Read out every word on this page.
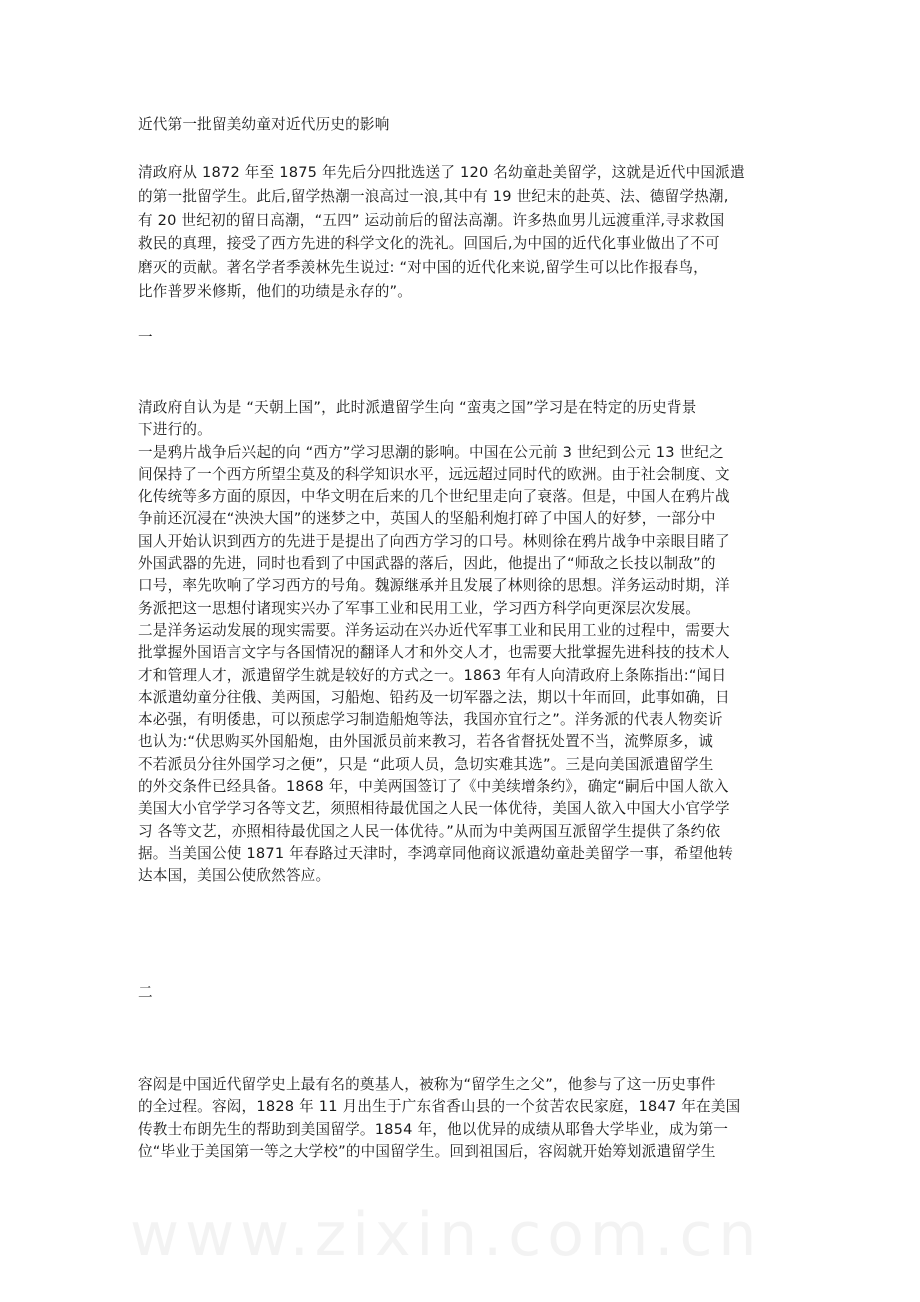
www.zixin.com.cn
近代第一批留美幼童对近代历史的影响
清政府从 1872 年至 1875 年先后分四批选送了 120 名幼童赴美留学，这就是近代中国派遣
的第一批留学生。此后,留学热潮一浪高过一浪,其中有 19 世纪末的赴英、法、德留学热潮,
有 20 世纪初的留日高潮，“五四” 运动前后的留法高潮。许多热血男儿远渡重洋,寻求救国
救民的真理，接受了西方先进的科学文化的洗礼。回国后,为中国的近代化事业做出了不可
磨灭的贡献。著名学者季羡林先生说过: “对中国的近代化来说,留学生可以比作报春鸟，
比作普罗米修斯，他们的功绩是永存的”。
一
清政府自认为是 “天朝上国”，此时派遣留学生向 “蛮夷之国”学习是在特定的历史背景
下进行的。
一是鸦片战争后兴起的向 “西方”学习思潮的影响。中国在公元前 3 世纪到公元 13 世纪之
间保持了一个西方所望尘莫及的科学知识水平，远远超过同时代的欧洲。由于社会制度、文
化传统等多方面的原因，中华文明在后来的几个世纪里走向了衰落。但是，中国人在鸦片战
争前还沉浸在“泱泱大国”的迷梦之中，英国人的坚船利炮打碎了中国人的好梦，一部分中
国人开始认识到西方的先进于是提出了向西方学习的口号。林则徐在鸦片战争中亲眼目睹了
外国武器的先进，同时也看到了中国武器的落后，因此，他提出了“师敌之长技以制敌”的
口号，率先吹响了学习西方的号角。魏源继承并且发展了林则徐的思想。洋务运动时期，洋
务派把这一思想付诸现实兴办了军事工业和民用工业，学习西方科学向更深层次发展。
二是洋务运动发展的现实需要。洋务运动在兴办近代军事工业和民用工业的过程中，需要大
批掌握外国语言文字与各国情况的翻译人才和外交人才，也需要大批掌握先进科技的技术人
才和管理人才，派遣留学生就是较好的方式之一。1863 年有人向清政府上条陈指出:“闻日
本派遣幼童分往俄、美两国，习船炮、铅药及一切军器之法，期以十年而回，此事如确，日
本必强，有明倭患，可以预虑学习制造船炮等法，我国亦宜行之”。洋务派的代表人物奕䜣
也认为:“伏思购买外国船炮，由外国派员前来教习，若各省督抚处置不当，流弊原多，诚
不若派员分往外国学习之便”，只是 “此项人员，急切实难其选”。三是向美国派遣留学生
的外交条件已经具备。1868 年，中美两国签订了《中美续增条约》，确定“嗣后中国人欲入
美国大小官学学习各等文艺，须照相待最优国之人民一体优待，美国人欲入中国大小官学学
习 各等文艺，亦照相待最优国之人民一体优待。”从而为中美两国互派留学生提供了条约依
据。当美国公使 1871 年春路过天津时，李鸿章同他商议派遣幼童赴美留学一事，希望他转
达本国，美国公使欣然答应。
二
容闳是中国近代留学史上最有名的奠基人，被称为“留学生之父”，他参与了这一历史事件
的全过程。容闳，1828 年 11 月出生于广东省香山县的一个贫苦农民家庭，1847 年在美国
传教士布朗先生的帮助到美国留学。1854 年，他以优异的成绩从耶鲁大学毕业，成为第一
位“毕业于美国第一等之大学校”的中国留学生。回到祖国后，容闳就开始筹划派遣留学生
